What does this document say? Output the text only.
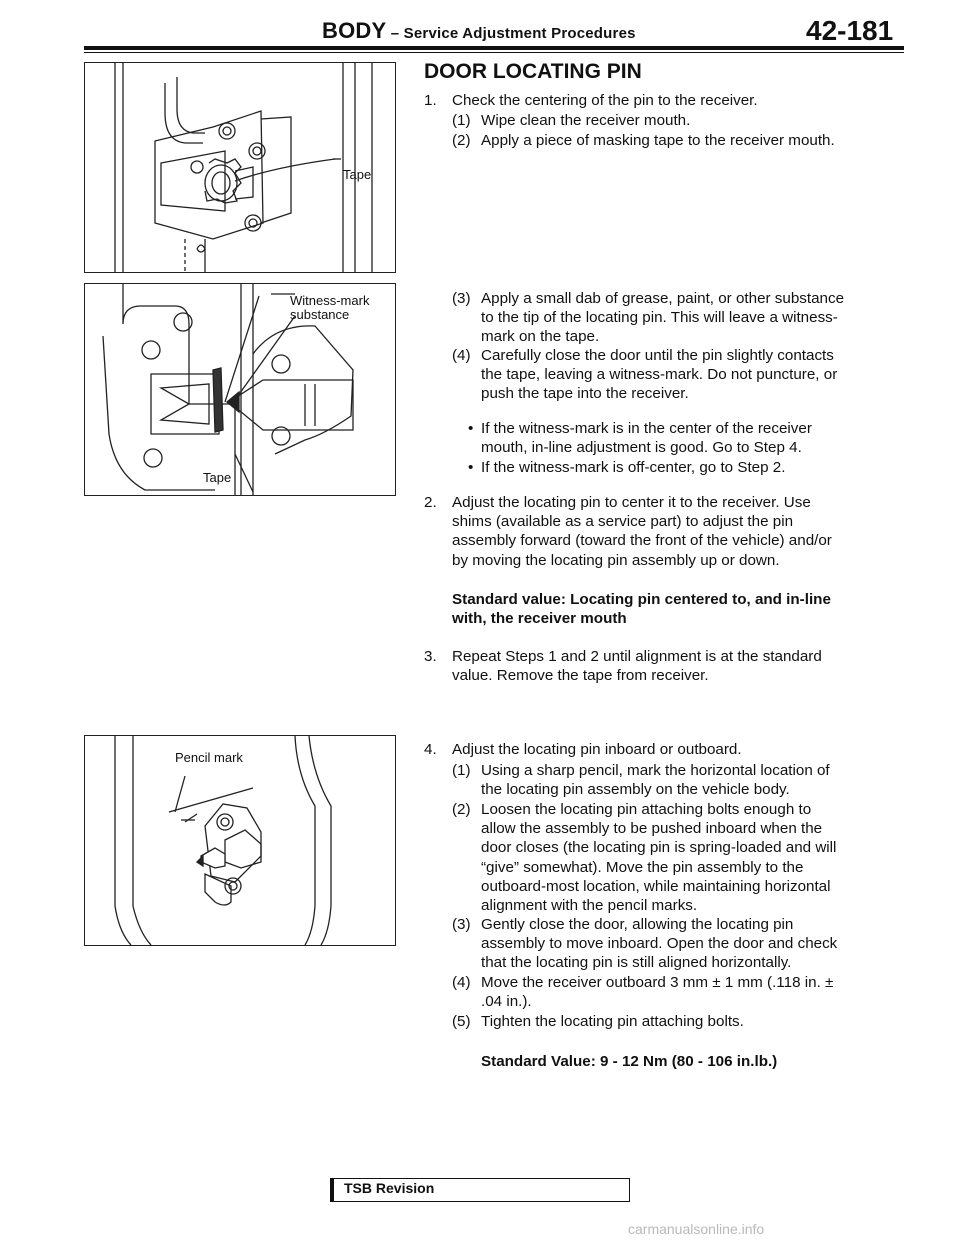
BODY – Service Adjustment Procedures	42-181
Tape
Witness-mark
substance
Tape
Pencil mark
DOOR LOCATING PIN
1. Check the centering of the pin to the receiver.
(1) Wipe clean the receiver mouth.
(2) Apply a piece of masking tape to the receiver mouth.
(3) Apply a small dab of grease, paint, or other substance
to the tip of the locating pin. This will leave a witness-
mark on the tape.
(4) Carefully close the door until the pin slightly contacts
the tape, leaving a witness-mark. Do not puncture, or
push the tape into the receiver.
• If the witness-mark is in the center of the receiver
mouth, in-line adjustment is good. Go to Step 4.
• If the witness-mark is off-center, go to Step 2.
2. Adjust the locating pin to center it to the receiver. Use
shims (available as a service part) to adjust the pin
assembly forward (toward the front of the vehicle) and/or
by moving the locating pin assembly up or down.
Standard value: Locating pin centered to, and in-line
with, the receiver mouth
3. Repeat Steps 1 and 2 until alignment is at the standard
value. Remove the tape from receiver.
4. Adjust the locating pin inboard or outboard.
(1) Using a sharp pencil, mark the horizontal location of
the locating pin assembly on the vehicle body.
(2) Loosen the locating pin attaching bolts enough to
allow the assembly to be pushed inboard when the
door closes (the locating pin is spring-loaded and will
“give” somewhat). Move the pin assembly to the
outboard-most location, while maintaining horizontal
alignment with the pencil marks.
(3) Gently close the door, allowing the locating pin
assembly to move inboard. Open the door and check
that the locating pin is still aligned horizontally.
(4) Move the receiver outboard 3 mm ± 1 mm (.118 in. ±
.04 in.).
(5) Tighten the locating pin attaching bolts.
Standard Value: 9 - 12 Nm (80 - 106 in.lb.)
TSB Revision
carmanualsonline.info
